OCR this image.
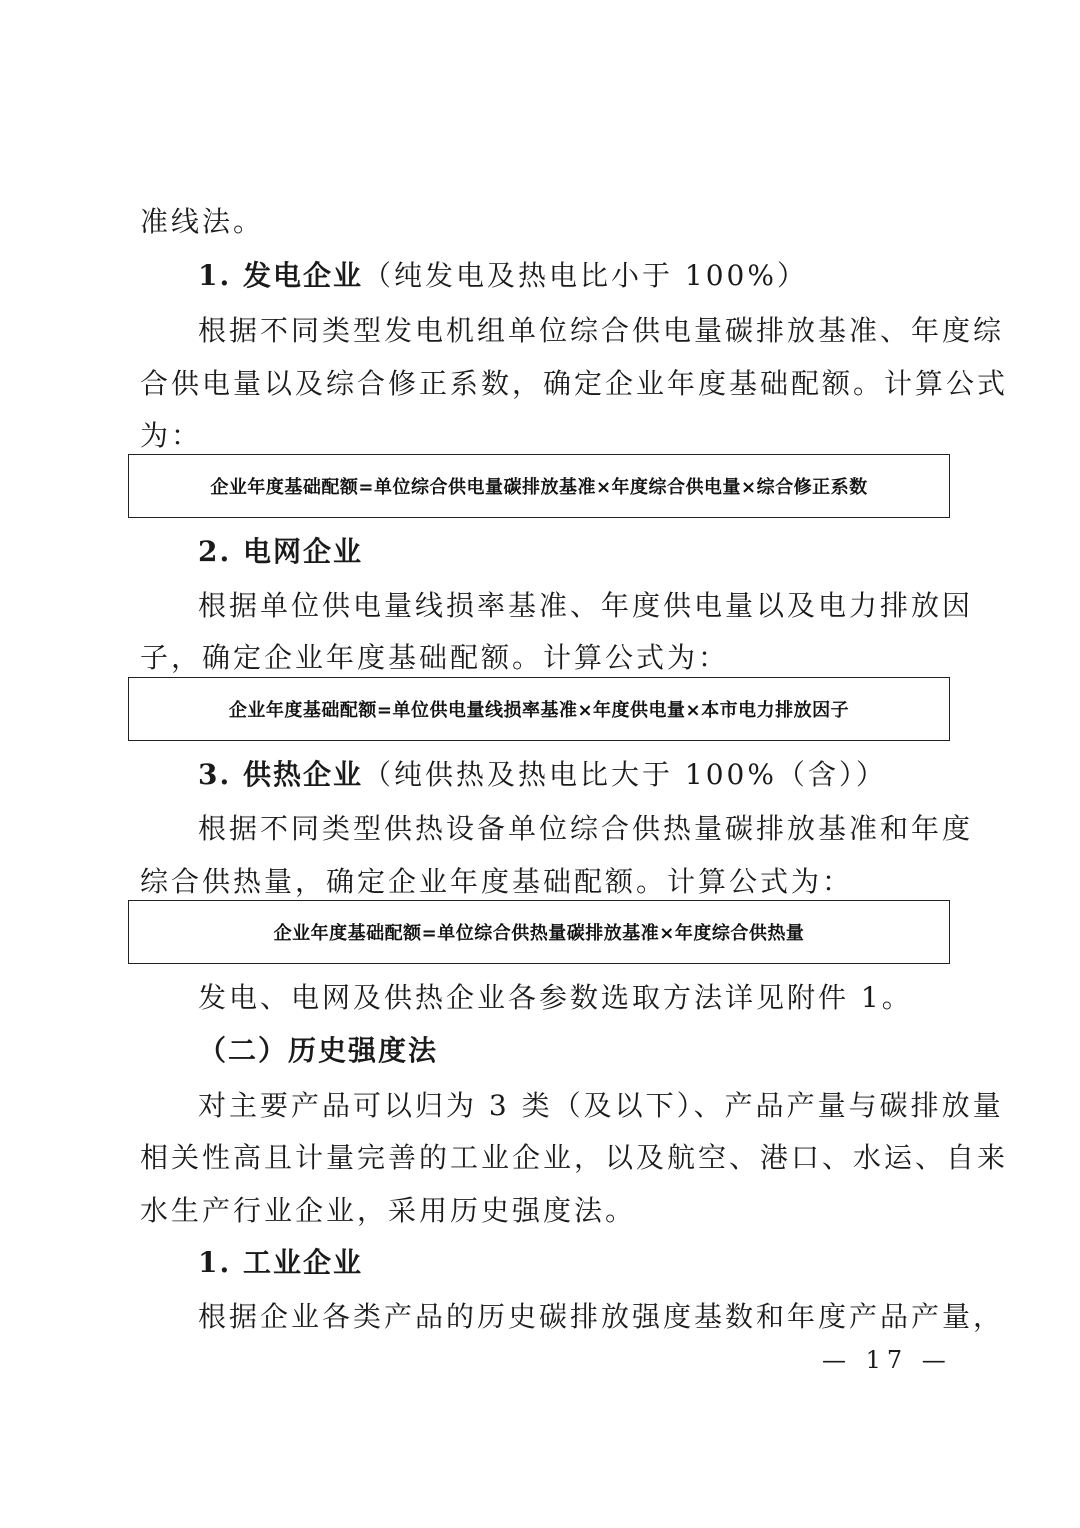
准线法。
1. 发电企业（纯发电及热电比小于 100%）
根据不同类型发电机组单位综合供电量碳排放基准、年度综
合供电量以及综合修正系数，确定企业年度基础配额。计算公式
为：
企业年度基础配额=单位综合供电量碳排放基准×年度综合供电量×综合修正系数
2. 电网企业
根据单位供电量线损率基准、年度供电量以及电力排放因
子，确定企业年度基础配额。计算公式为：
企业年度基础配额=单位供电量线损率基准×年度供电量×本市电力排放因子
3. 供热企业（纯供热及热电比大于 100%（含））
根据不同类型供热设备单位综合供热量碳排放基准和年度
综合供热量，确定企业年度基础配额。计算公式为：
企业年度基础配额=单位综合供热量碳排放基准×年度综合供热量
发电、电网及供热企业各参数选取方法详见附件 1。
（二）历史强度法
对主要产品可以归为 3 类（及以下）、产品产量与碳排放量
相关性高且计量完善的工业企业，以及航空、港口、水运、自来
水生产行业企业，采用历史强度法。
1. 工业企业
根据企业各类产品的历史碳排放强度基数和年度产品产量，
— 17 —
